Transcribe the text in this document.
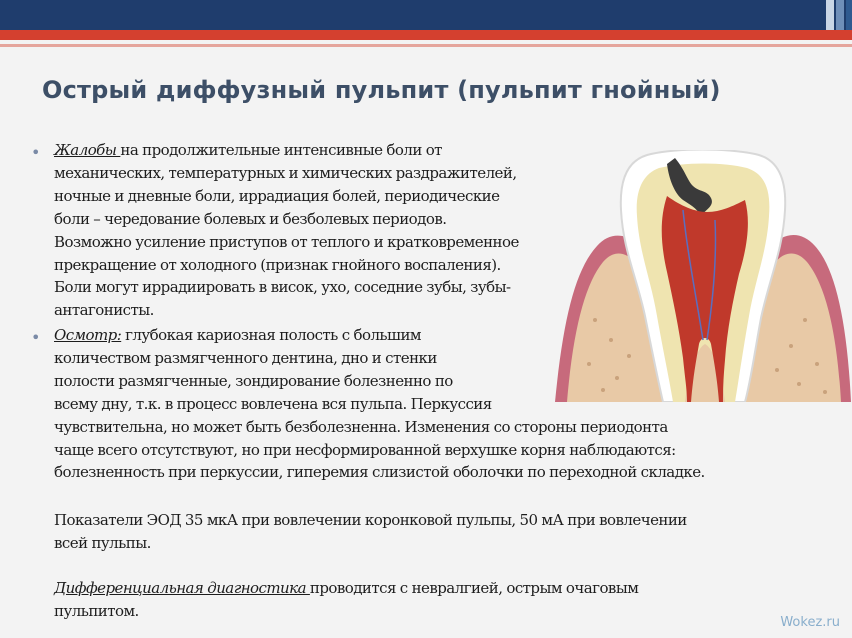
Острый диффузный пульпит (пульпит гнойный)
• Жалобы на продолжительные интенсивные боли от
механических, температурных и химических раздражителей,
ночные и дневные боли, иррадиация болей, периодические
боли – чередование болевых и безболевых периодов.
Возможно усиление приступов от теплого и кратковременное
прекращение от холодного (признак гнойного воспаления).
Боли могут иррадиировать в висок, ухо, соседние зубы, зубы-
антагонисты.
• Осмотр: глубокая кариозная полость с большим
количеством размягченного дентина, дно и стенки
полости размягченные, зондирование болезненно по
всему дну, т.к. в процесс вовлечена вся пульпа. Перкуссия
чувствительна, но может быть безболезненна. Изменения со стороны периодонта
чаще всего отсутствуют, но при несформированной верхушке корня наблюдаются:
болезненность при перкуссии, гиперемия слизистой оболочки по переходной складке.
Показатели ЭОД 35 мкА при вовлечении коронковой пульпы, 50 мА при вовлечении
всей пульпы.
Дифференциальная диагностика проводится с невралгией, острым очаговым
пульпитом.
Wokez.ru
